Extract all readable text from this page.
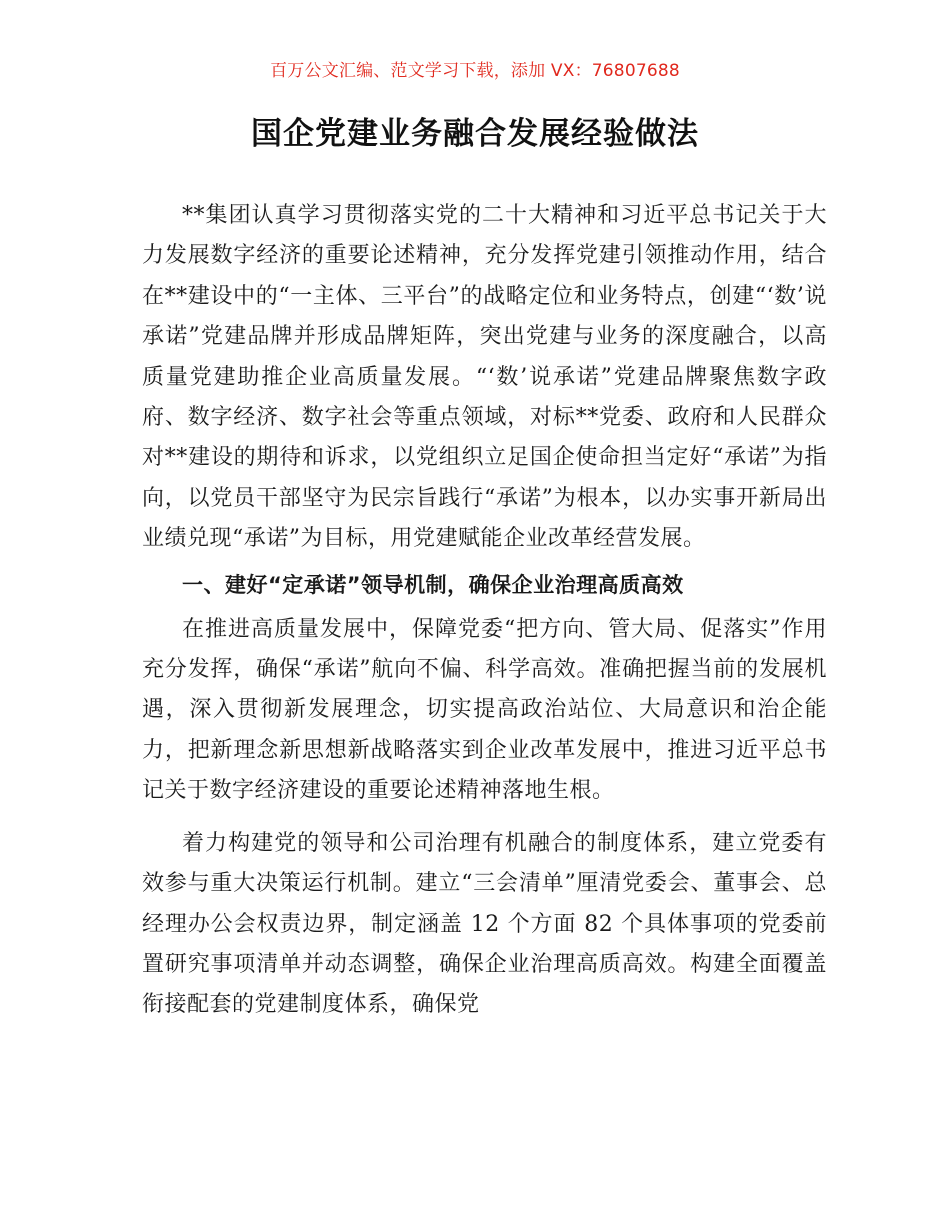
百万公文汇编、范文学习下载，添加 VX：76807688
国企党建业务融合发展经验做法

**集团认真学习贯彻落实党的二十大精神和习近平总书记关于大力发展数字经济的重要论述精神，充分发挥党建引领推动作用，结合在**建设中的“一主体、三平台”的战略定位和业务特点，创建“‘数’说承诺”党建品牌并形成品牌矩阵，突出党建与业务的深度融合，以高质量党建助推企业高质量发展。“‘数’说承诺”党建品牌聚焦数字政府、数字经济、数字社会等重点领域，对标**党委、政府和人民群众对**建设的期待和诉求，以党组织立足国企使命担当定好“承诺”为指向，以党员干部坚守为民宗旨践行“承诺”为根本，以办实事开新局出业绩兑现“承诺”为目标，用党建赋能企业改革经营发展。

一、建好“定承诺”领导机制，确保企业治理高质高效

在推进高质量发展中，保障党委“把方向、管大局、促落实”作用充分发挥，确保“承诺”航向不偏、科学高效。准确把握当前的发展机遇，深入贯彻新发展理念，切实提高政治站位、大局意识和治企能力，把新理念新思想新战略落实到企业改革发展中，推进习近平总书记关于数字经济建设的重要论述精神落地生根。

着力构建党的领导和公司治理有机融合的制度体系，建立党委有效参与重大决策运行机制。建立“三会清单”厘清党委会、董事会、总经理办公会权责边界，制定涵盖 12 个方面 82 个具体事项的党委前置研究事项清单并动态调整，确保企业治理高质高效。构建全面覆盖衔接配套的党建制度体系，确保党
